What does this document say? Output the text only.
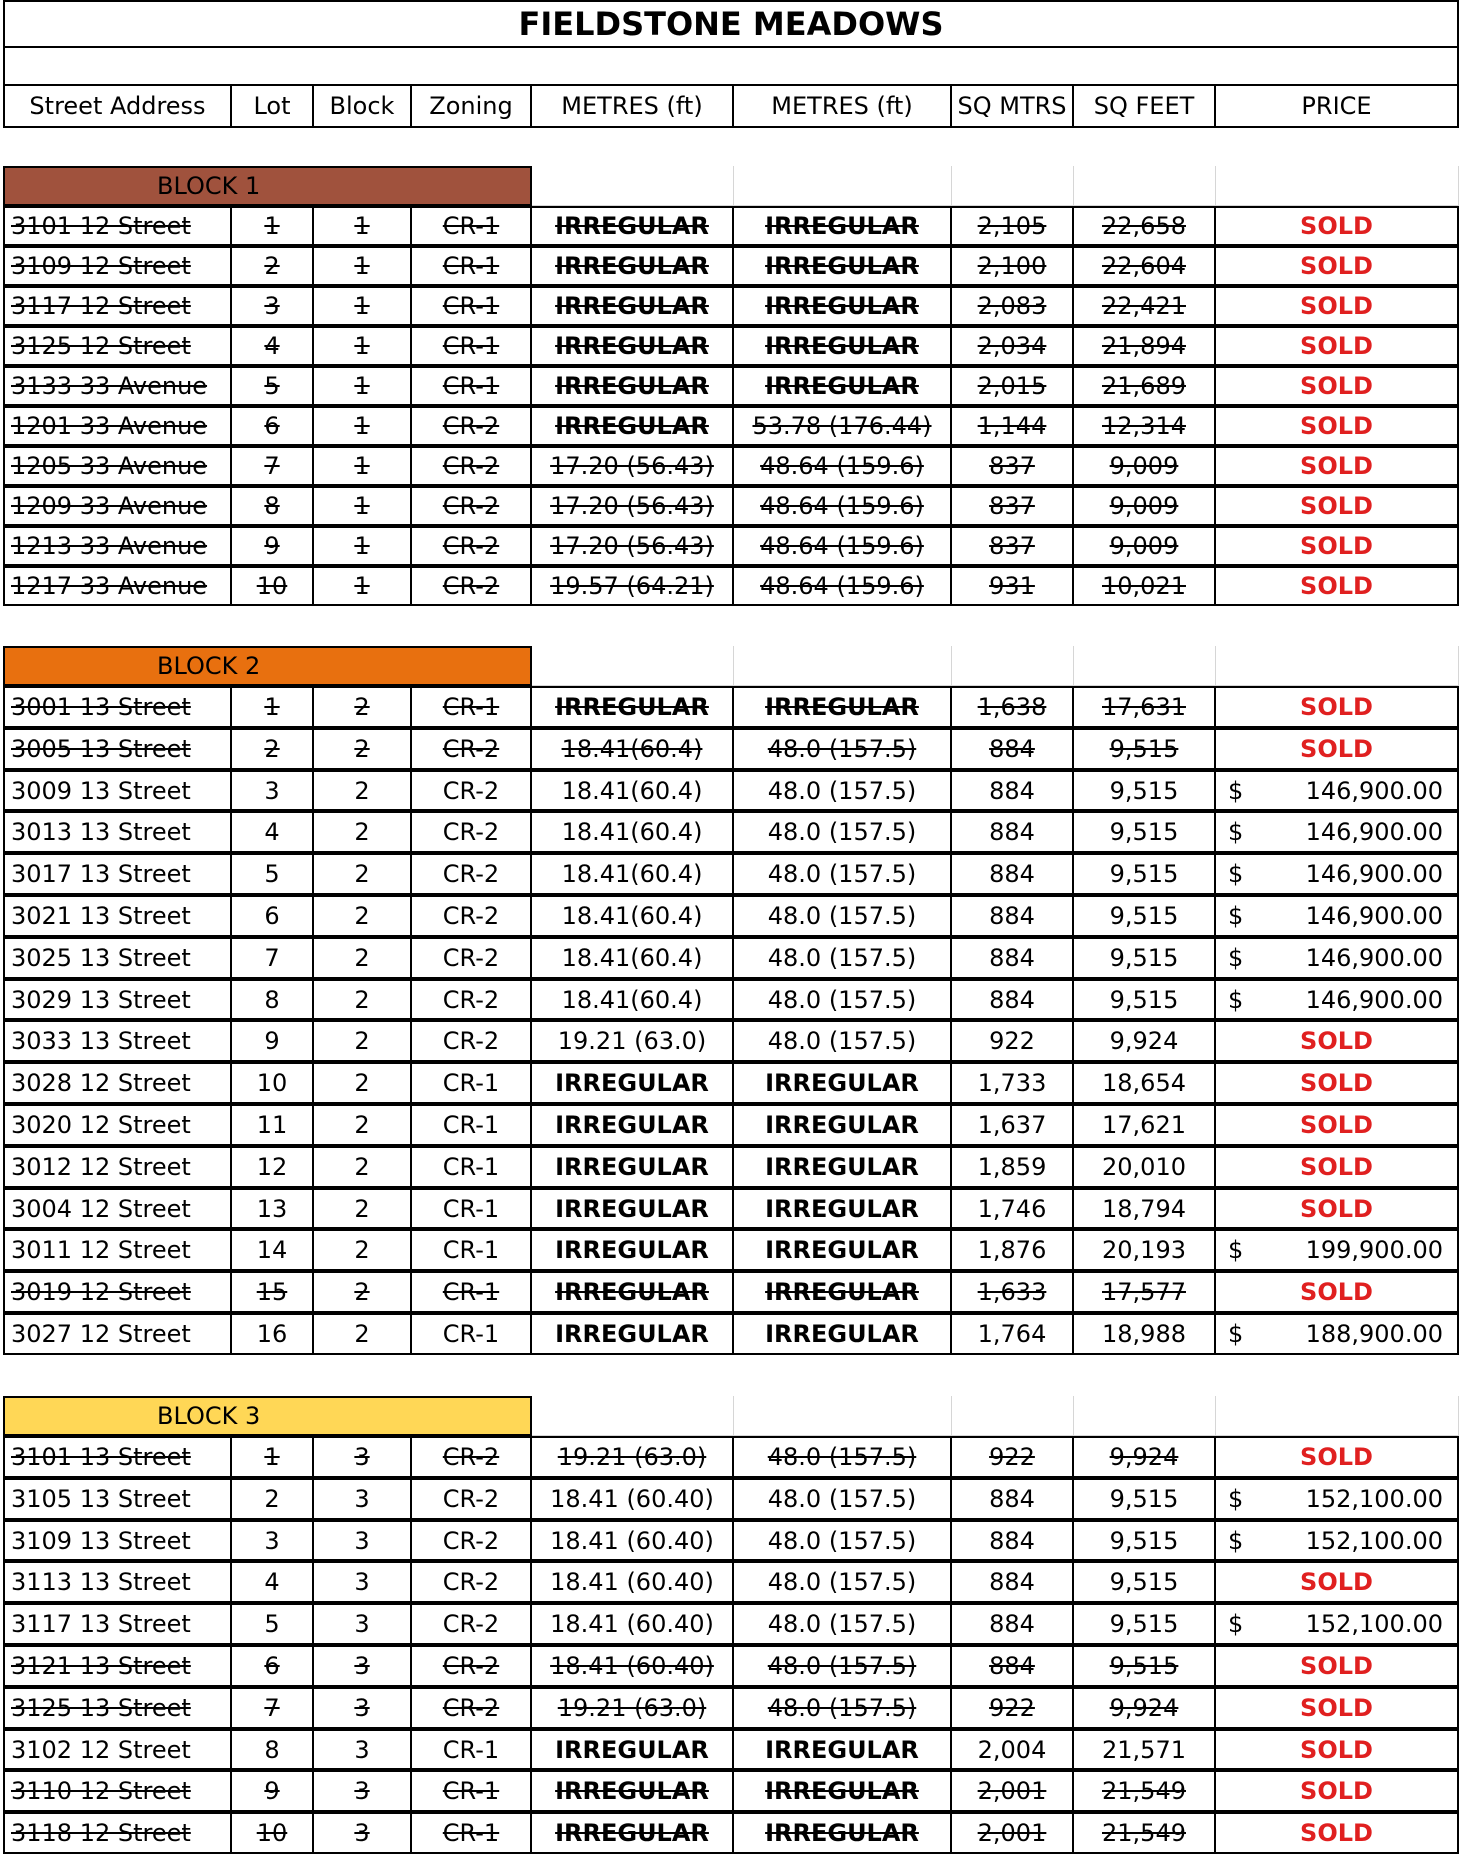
FIELDSTONE MEADOWS
Street Address	Lot	Block	Zoning	METRES (ft)	METRES (ft)	SQ MTRS	SQ FEET	PRICE
BLOCK 1
3101 12 Street	1	1	CR-1	IRREGULAR	IRREGULAR	2,105	22,658	SOLD
3109 12 Street	2	1	CR-1	IRREGULAR	IRREGULAR	2,100	22,604	SOLD
3117 12 Street	3	1	CR-1	IRREGULAR	IRREGULAR	2,083	22,421	SOLD
3125 12 Street	4	1	CR-1	IRREGULAR	IRREGULAR	2,034	21,894	SOLD
3133 33 Avenue	5	1	CR-1	IRREGULAR	IRREGULAR	2,015	21,689	SOLD
1201 33 Avenue	6	1	CR-2	IRREGULAR	53.78 (176.44)	1,144	12,314	SOLD
1205 33 Avenue	7	1	CR-2	17.20 (56.43)	48.64 (159.6)	837	9,009	SOLD
1209 33 Avenue	8	1	CR-2	17.20 (56.43)	48.64 (159.6)	837	9,009	SOLD
1213 33 Avenue	9	1	CR-2	17.20 (56.43)	48.64 (159.6)	837	9,009	SOLD
1217 33 Avenue	10	1	CR-2	19.57 (64.21)	48.64 (159.6)	931	10,021	SOLD
BLOCK 2
3001 13 Street	1	2	CR-1	IRREGULAR	IRREGULAR	1,638	17,631	SOLD
3005 13 Street	2	2	CR-2	18.41(60.4)	48.0 (157.5)	884	9,515	SOLD
3009 13 Street	3	2	CR-2	18.41(60.4)	48.0 (157.5)	884	9,515	$	146,900.00
3013 13 Street	4	2	CR-2	18.41(60.4)	48.0 (157.5)	884	9,515	$	146,900.00
3017 13 Street	5	2	CR-2	18.41(60.4)	48.0 (157.5)	884	9,515	$	146,900.00
3021 13 Street	6	2	CR-2	18.41(60.4)	48.0 (157.5)	884	9,515	$	146,900.00
3025 13 Street	7	2	CR-2	18.41(60.4)	48.0 (157.5)	884	9,515	$	146,900.00
3029 13 Street	8	2	CR-2	18.41(60.4)	48.0 (157.5)	884	9,515	$	146,900.00
3033 13 Street	9	2	CR-2	19.21 (63.0)	48.0 (157.5)	922	9,924	SOLD
3028 12 Street	10	2	CR-1	IRREGULAR	IRREGULAR	1,733	18,654	SOLD
3020 12 Street	11	2	CR-1	IRREGULAR	IRREGULAR	1,637	17,621	SOLD
3012 12 Street	12	2	CR-1	IRREGULAR	IRREGULAR	1,859	20,010	SOLD
3004 12 Street	13	2	CR-1	IRREGULAR	IRREGULAR	1,746	18,794	SOLD
3011 12 Street	14	2	CR-1	IRREGULAR	IRREGULAR	1,876	20,193	$	199,900.00
3019 12 Street	15	2	CR-1	IRREGULAR	IRREGULAR	1,633	17,577	SOLD
3027 12 Street	16	2	CR-1	IRREGULAR	IRREGULAR	1,764	18,988	$	188,900.00
BLOCK 3
3101 13 Street	1	3	CR-2	19.21 (63.0)	48.0 (157.5)	922	9,924	SOLD
3105 13 Street	2	3	CR-2	18.41 (60.40)	48.0 (157.5)	884	9,515	$	152,100.00
3109 13 Street	3	3	CR-2	18.41 (60.40)	48.0 (157.5)	884	9,515	$	152,100.00
3113 13 Street	4	3	CR-2	18.41 (60.40)	48.0 (157.5)	884	9,515	SOLD
3117 13 Street	5	3	CR-2	18.41 (60.40)	48.0 (157.5)	884	9,515	$	152,100.00
3121 13 Street	6	3	CR-2	18.41 (60.40)	48.0 (157.5)	884	9,515	SOLD
3125 13 Street	7	3	CR-2	19.21 (63.0)	48.0 (157.5)	922	9,924	SOLD
3102 12 Street	8	3	CR-1	IRREGULAR	IRREGULAR	2,004	21,571	SOLD
3110 12 Street	9	3	CR-1	IRREGULAR	IRREGULAR	2,001	21,549	SOLD
3118 12 Street	10	3	CR-1	IRREGULAR	IRREGULAR	2,001	21,549	SOLD
